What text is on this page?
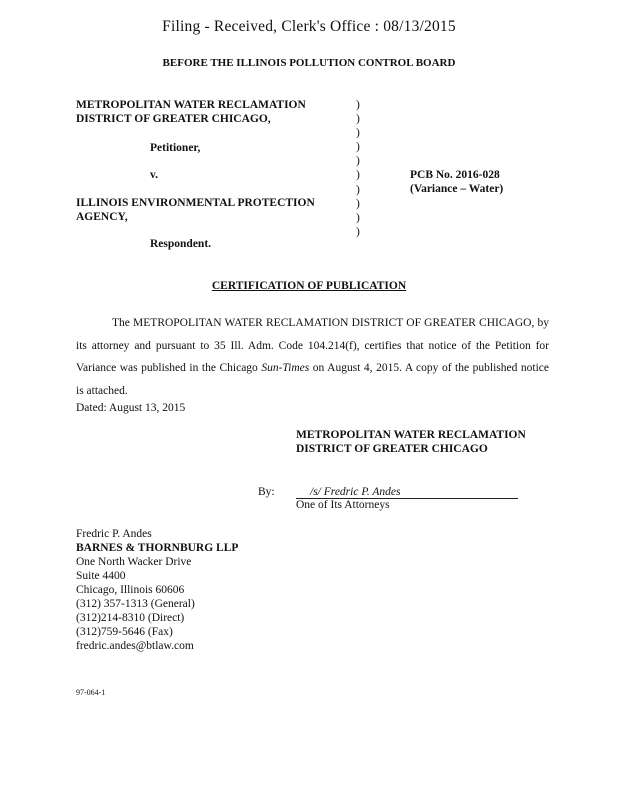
Filing - Received, Clerk's Office : 08/13/2015
BEFORE THE ILLINOIS POLLUTION CONTROL BOARD
METROPOLITAN WATER RECLAMATION
DISTRICT OF GREATER CHICAGO,
Petitioner,
v.
ILLINOIS ENVIRONMENTAL PROTECTION
AGENCY,
Respondent.
)
)
)
)
)
)
)
)
)
)
PCB No. 2016-028
(Variance – Water)
CERTIFICATION OF PUBLICATION
The METROPOLITAN WATER RECLAMATION DISTRICT OF GREATER CHICAGO, by its attorney and pursuant to 35 Ill. Adm. Code 104.214(f), certifies that notice of the Petition for Variance was published in the Chicago Sun-Times on August 4, 2015. A copy of the published notice is attached.
Dated: August 13, 2015
METROPOLITAN WATER RECLAMATION
DISTRICT OF GREATER CHICAGO
By:	/s/ Fredric P. Andes
One of Its Attorneys
Fredric P. Andes
BARNES & THORNBURG LLP
One North Wacker Drive
Suite 4400
Chicago, Illinois 60606
(312) 357-1313 (General)
(312)214-8310 (Direct)
(312)759-5646 (Fax)
fredric.andes@btlaw.com
97-064-1
